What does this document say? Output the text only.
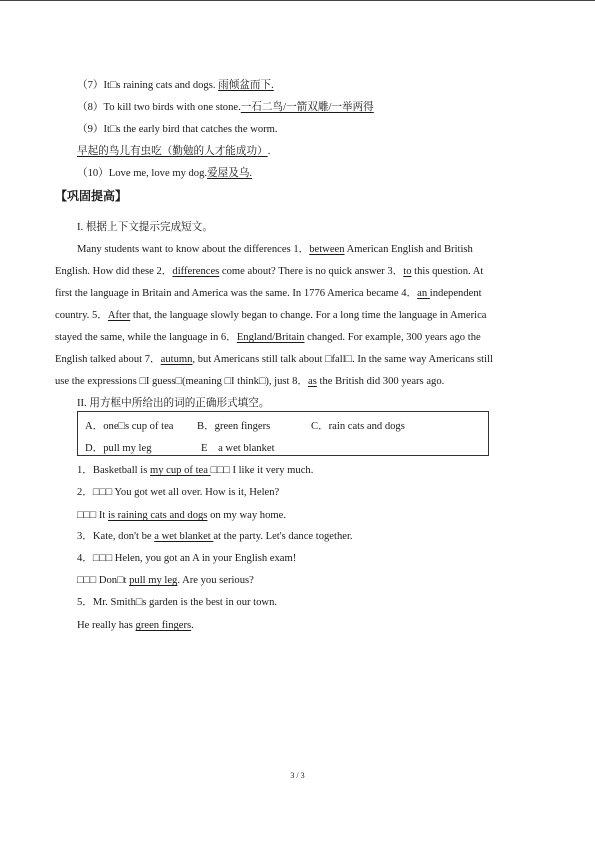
（7）It□s raining cats and dogs. 雨倾盆而下.
（8）To kill two birds with one stone.一石二鸟/一箭双雕/一举两得
（9）It□s the early bird that catches the worm.
早起的鸟儿有虫吃（勤勉的人才能成功）.
（10）Love me, love my dog.爱屋及乌.
【巩固提高】
I. 根据上下文提示完成短文。
Many students want to know about the differences 1．between American English and British
English. How did these 2．differences come about? There is no quick answer 3．to this question. At
first the language in Britain and America was the same. In 1776 America became 4．an independent
country. 5．After that, the language slowly began to change. For a long time the language in America
stayed the same, while the language in 6．England/Britain changed. For example, 300 years ago the
English talked about 7．autumn, but Americans still talk about □fall□. In the same way Americans still
use the expressions □I guess□(meaning □I think□), just 8．as the British did 300 years ago.
II. 用方框中所给出的词的正确形式填空。
A．one□s cup of tea B．green fingers	C．rain cats and dogs
D．pull my leg	E　a wet blanket
1．Basketball is my cup of tea □□□ I like it very much.
2．□□□ You got wet all over. How is it, Helen?
□□□ It is raining cats and dogs on my way home.
3．Kate, don't be a wet blanket at the party. Let's dance together.
4．□□□ Helen, you got an A in your English exam!
□□□ Don□t pull my leg. Are you serious?
5．Mr. Smith□s garden is the best in our town.
He really has green fingers.
3 / 3
